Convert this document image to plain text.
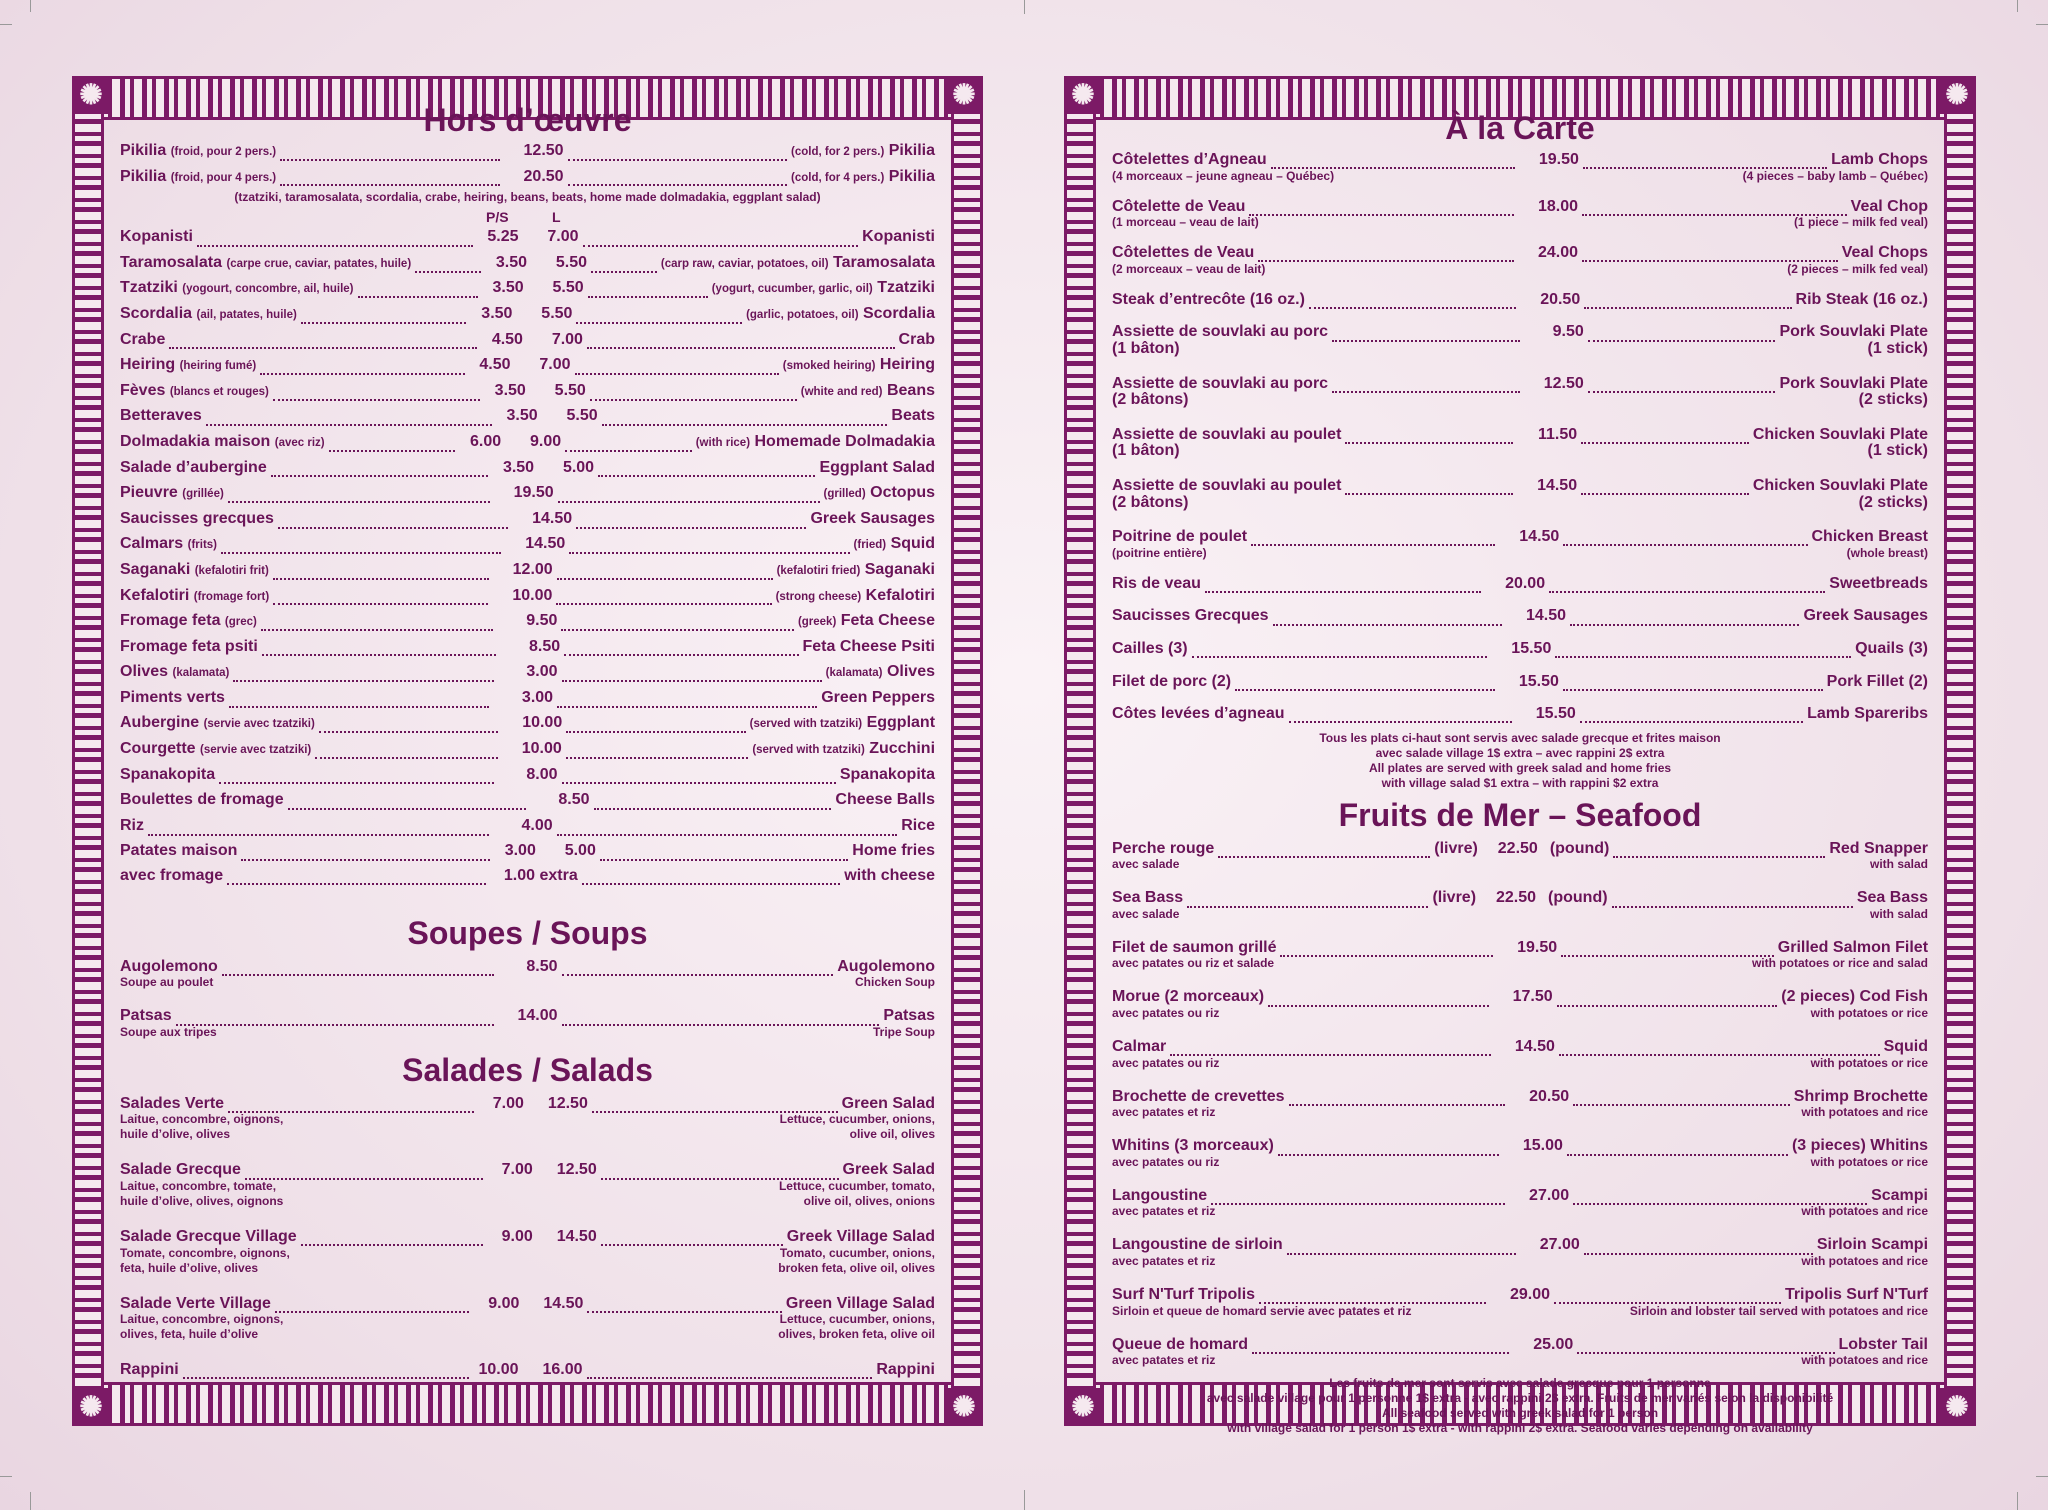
✺	✺
✺	✺
Hors d’œuvre
Pikilia (froid, pour 2 pers.)	12.50	(cold, for 2 pers.) Pikilia
Pikilia (froid, pour 4 pers.)	20.50	(cold, for 4 pers.) Pikilia
(tzatziki, taramosalata, scordalia, crabe, heiring, beans, beats, home made dolmadakia, eggplant salad)
P/S	L
Kopanisti	5.25	7.00	Kopanisti
Taramosalata (carpe crue, caviar, patates, huile)	3.50	5.50	(carp raw, caviar, potatoes, oil) Taramosalata
Tzatziki (yogourt, concombre, ail, huile)	3.50	5.50	(yogurt, cucumber, garlic, oil) Tzatziki
Scordalia (ail, patates, huile)	3.50	5.50	(garlic, potatoes, oil) Scordalia
Crabe	4.50	7.00	Crab
Heiring (heiring fumé)	4.50	7.00	(smoked heiring) Heiring
Fèves (blancs et rouges)	3.50	5.50	(white and red) Beans
Betteraves	3.50	5.50	Beats
Dolmadakia maison (avec riz)	6.00	9.00	(with rice) Homemade Dolmadakia
Salade d’aubergine	3.50	5.00	Eggplant Salad
Pieuvre (grillée)	19.50	(grilled) Octopus
Saucisses grecques	14.50	Greek Sausages
Calmars (frits)	14.50	(fried) Squid
Saganaki (kefalotiri frit)	12.00	(kefalotiri fried) Saganaki
Kefalotiri (fromage fort)	10.00	(strong cheese) Kefalotiri
Fromage feta (grec)	9.50	(greek) Feta Cheese
Fromage feta psiti	8.50	Feta Cheese Psiti
Olives (kalamata)	3.00	(kalamata) Olives
Piments verts	3.00	Green Peppers
Aubergine (servie avec tzatziki)	10.00	(served with tzatziki) Eggplant
Courgette (servie avec tzatziki)	10.00	(served with tzatziki) Zucchini
Spanakopita	8.00	Spanakopita
Boulettes de fromage	8.50	Cheese Balls
Riz	4.00	Rice
Patates maison	3.00	5.00	Home fries
avec fromage	1.00 extra	with cheese
Soupes / Soups
Augolemono	8.50	Augolemono
Soupe au poulet	Chicken Soup
Patsas	14.00	Patsas
Soupe aux tripes	Tripe Soup
Salades / Salads
Salades Verte	7.00	12.50	Green Salad
Laitue, concombre, oignons,	Lettuce, cucumber, onions,
huile d’olive, olives	olive oil, olives
Salade Grecque	7.00	12.50	Greek Salad
Laitue, concombre, tomate,	Lettuce, cucumber, tomato,
huile d’olive, olives, oignons	olive oil, olives, onions
Salade Grecque Village	9.00	14.50	Greek Village Salad
Tomate, concombre, oignons,	Tomato, cucumber, onions,
feta, huile d’olive, olives	broken feta, olive oil, olives
Salade Verte Village	9.00	14.50	Green Village Salad
Laitue, concombre, oignons,	Lettuce, cucumber, onions,
olives, feta, huile d’olive	olives, broken feta, olive oil
Rappini	10.00	16.00	Rappini
✺	✺
✺	✺
À la Carte
Côtelettes d’Agneau	19.50	Lamb Chops
(4 morceaux – jeune agneau – Québec)	(4 pieces – baby lamb – Québec)
Côtelette de Veau	18.00	Veal Chop
(1 morceau – veau de lait)	(1 piece – milk fed veal)
Côtelettes de Veau	24.00	Veal Chops
(2 morceaux – veau de lait)	(2 pieces – milk fed veal)
Steak d’entrecôte (16 oz.)	20.50	Rib Steak (16 oz.)
Assiette de souvlaki au porc	9.50	Pork Souvlaki Plate
(1 bâton)	(1 stick)
Assiette de souvlaki au porc	12.50	Pork Souvlaki Plate
(2 bâtons)	(2 sticks)
Assiette de souvlaki au poulet	11.50	Chicken Souvlaki Plate
(1 bâton)	(1 stick)
Assiette de souvlaki au poulet	14.50	Chicken Souvlaki Plate
(2 bâtons)	(2 sticks)
Poitrine de poulet	14.50	Chicken Breast
(poitrine entière)	(whole breast)
Ris de veau	20.00	Sweetbreads
Saucisses Grecques	14.50	Greek Sausages
Cailles (3)	15.50	Quails (3)
Filet de porc (2)	15.50	Pork Fillet (2)
Côtes levées d’agneau	15.50	Lamb Spareribs
Tous les plats ci-haut sont servis avec salade grecque et frites maison
avec salade village 1$ extra – avec rappini 2$ extra
All plates are served with greek salad and home fries
with village salad $1 extra – with rappini $2 extra
Fruits de Mer – Seafood
Perche rouge	(livre)	22.50 (pound)	Red Snapper
avec salade	with salad
Sea Bass	(livre)	22.50 (pound)	Sea Bass
avec salade	with salad
Filet de saumon grillé	19.50	Grilled Salmon Filet
avec patates ou riz et salade	with potatoes or rice and salad
Morue (2 morceaux)	17.50	(2 pieces) Cod Fish
avec patates ou riz	with potatoes or rice
Calmar	14.50	Squid
avec patates ou riz	with potatoes or rice
Brochette de crevettes	20.50	Shrimp Brochette
avec patates et riz	with potatoes and rice
Whitins (3 morceaux)	15.00	(3 pieces) Whitins
avec patates ou riz	with potatoes or rice
Langoustine	27.00	Scampi
avec patates et riz	with potatoes and rice
Langoustine de sirloin	27.00	Sirloin Scampi
avec patates et riz	with potatoes and rice
Surf N'Turf Tripolis	29.00	Tripolis Surf N'Turf
Sirloin et queue de homard servie avec patates et riz	Sirloin and lobster tail served with potatoes and rice
Queue de homard	25.00	Lobster Tail
avec patates et riz	with potatoes and rice
Les fruits de mer sont servis avec salade grecque pour 1 personne
avec salade village pour 1 personne 1$ extra - avec rappini 2$ extra. Fruits de mer variés selon la disponibilité
All seafood served with greek salad for 1 person
with village salad for 1 person 1$ extra - with rappini 2$ extra. Seafood varies depending on availability
